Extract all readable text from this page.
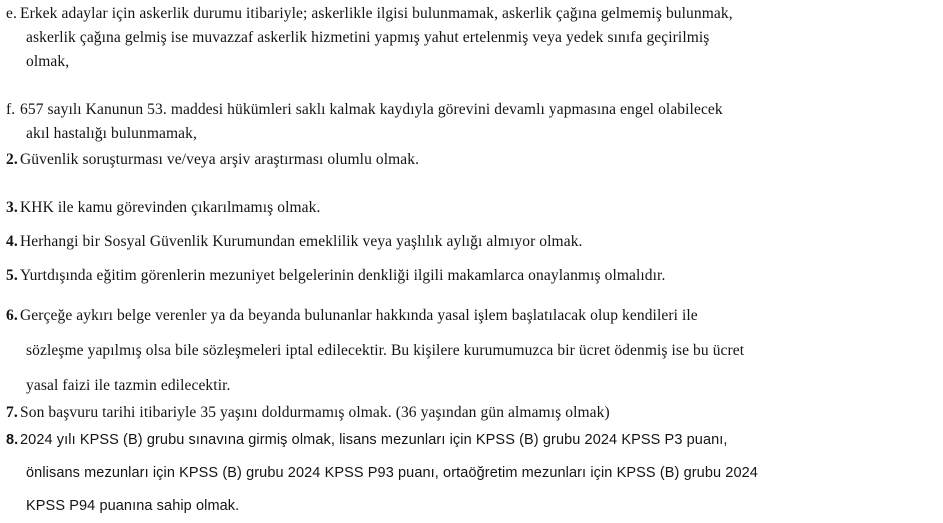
e. Erkek adaylar için askerlik durumu itibariyle; askerlikle ilgisi bulunmamak, askerlik çağına gelmemiş bulunmak,
askerlik çağına gelmiş ise muvazzaf askerlik hizmetini yapmış yahut ertelenmiş veya yedek sınıfa geçirilmiş
olmak,
f. 657 sayılı Kanunun 53. maddesi hükümleri saklı kalmak kaydıyla görevini devamlı yapmasına engel olabilecek
akıl hastalığı bulunmamak,
2. Güvenlik soruşturması ve/veya arşiv araştırması olumlu olmak.
3. KHK ile kamu görevinden çıkarılmamış olmak.
4. Herhangi bir Sosyal Güvenlik Kurumundan emeklilik veya yaşlılık aylığı almıyor olmak.
5. Yurtdışında eğitim görenlerin mezuniyet belgelerinin denkliği ilgili makamlarca onaylanmış olmalıdır.
6. Gerçeğe aykırı belge verenler ya da beyanda bulunanlar hakkında yasal işlem başlatılacak olup kendileri ile
sözleşme yapılmış olsa bile sözleşmeleri iptal edilecektir. Bu kişilere kurumumuzca bir ücret ödenmiş ise bu ücret
yasal faizi ile tazmin edilecektir.
7. Son başvuru tarihi itibariyle 35 yaşını doldurmamış olmak. (36 yaşından gün almamış olmak)
8. 2024 yılı KPSS (B) grubu sınavına girmiş olmak, lisans mezunları için KPSS (B) grubu 2024 KPSS P3 puanı,
önlisans mezunları için KPSS (B) grubu 2024 KPSS P93 puanı, ortaöğretim mezunları için KPSS (B) grubu 2024
KPSS P94 puanına sahip olmak.
